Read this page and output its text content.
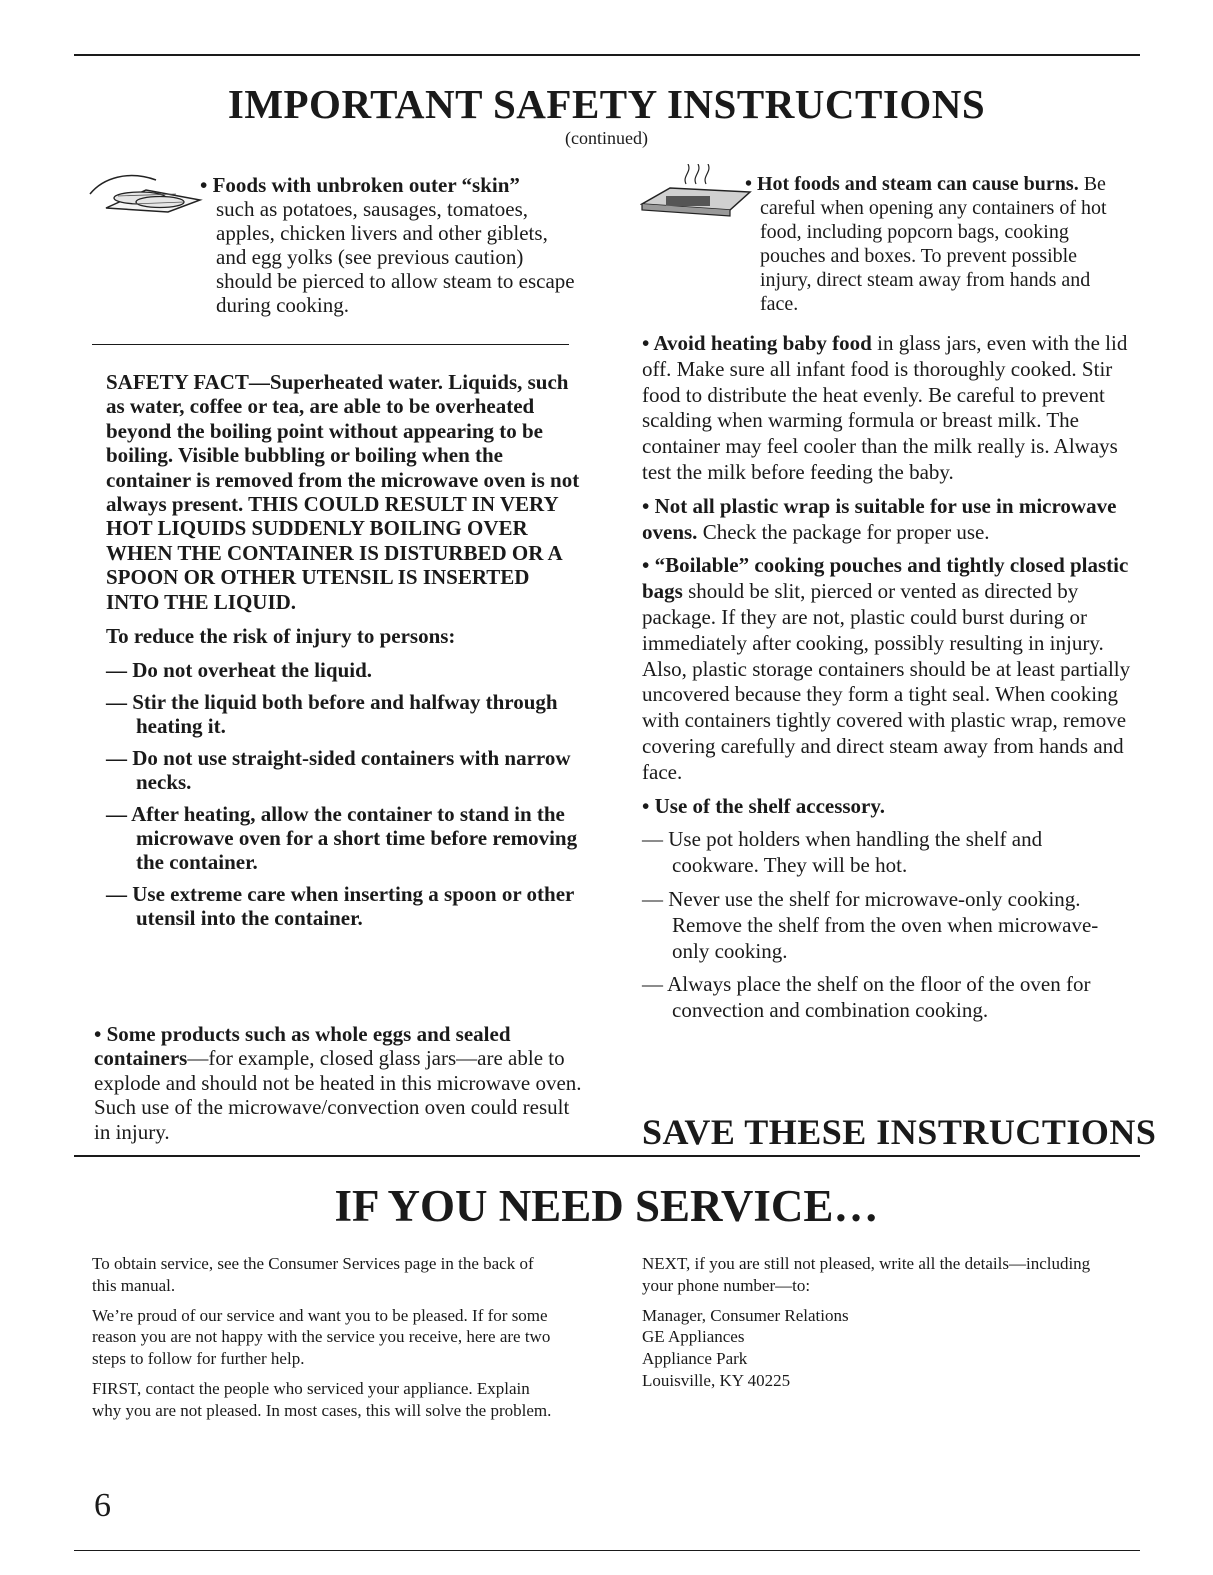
IMPORTANT SAFETY INSTRUCTIONS
(continued)
• Foods with unbroken outer “skin”
such as potatoes, sausages, tomatoes, apples, chicken livers and other giblets, and egg yolks (see previous caution) should be pierced to allow steam to escape during cooking.
• Hot foods and steam can cause burns. Be careful when opening any containers of hot food, including popcorn bags, cooking pouches and boxes. To prevent possible injury, direct steam away from hands and face.
SAFETY FACT—Superheated water. Liquids, such as water, coffee or tea, are able to be overheated beyond the boiling point without appearing to be boiling. Visible bubbling or boiling when the container is removed from the microwave oven is not always present. THIS COULD RESULT IN VERY HOT LIQUIDS SUDDENLY BOILING OVER WHEN THE CONTAINER IS DISTURBED OR A SPOON OR OTHER UTENSIL IS INSERTED INTO THE LIQUID.
To reduce the risk of injury to persons:
— Do not overheat the liquid.
— Stir the liquid both before and halfway through heating it.
— Do not use straight-sided containers with narrow necks.
— After heating, allow the container to stand in the microwave oven for a short time before removing the container.
— Use extreme care when inserting a spoon or other utensil into the container.
• Some products such as whole eggs and sealed containers—for example, closed glass jars—are able to explode and should not be heated in this microwave oven. Such use of the microwave/convection oven could result in injury.
• Avoid heating baby food in glass jars, even with the lid off. Make sure all infant food is thoroughly cooked. Stir food to distribute the heat evenly. Be careful to prevent scalding when warming formula or breast milk. The container may feel cooler than the milk really is. Always test the milk before feeding the baby.
• Not all plastic wrap is suitable for use in microwave ovens. Check the package for proper use.
• “Boilable” cooking pouches and tightly closed plastic bags should be slit, pierced or vented as directed by package. If they are not, plastic could burst during or immediately after cooking, possibly resulting in injury. Also, plastic storage containers should be at least partially uncovered because they form a tight seal. When cooking with containers tightly covered with plastic wrap, remove covering carefully and direct steam away from hands and face.
• Use of the shelf accessory.
— Use pot holders when handling the shelf and cookware. They will be hot.
— Never use the shelf for microwave-only cooking. Remove the shelf from the oven when microwave-only cooking.
— Always place the shelf on the floor of the oven for convection and combination cooking.
SAVE THESE INSTRUCTIONS
IF YOU NEED SERVICE…

To obtain service, see the Consumer Services page in the back of this manual.

We’re proud of our service and want you to be pleased. If for some reason you are not happy with the service you receive, here are two steps to follow for further help.

FIRST, contact the people who serviced your appliance. Explain why you are not pleased. In most cases, this will solve the problem.

NEXT, if you are still not pleased, write all the details—including your phone number—to:

Manager, Consumer Relations
GE Appliances
Appliance Park
Louisville, KY 40225
6
